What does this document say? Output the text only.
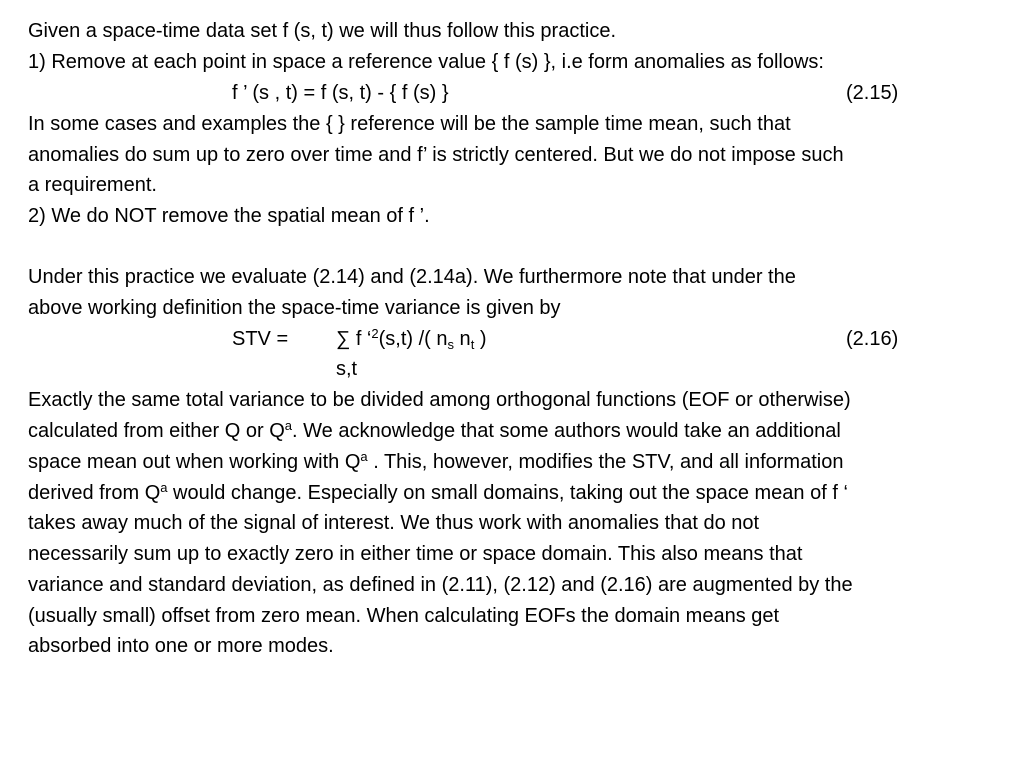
Given a space-time data set f (s, t) we will thus follow this practice.
1) Remove at each point in space a reference value { f (s) }, i.e form anomalies as follows:
f ’ (s , t) = f (s, t) - { f (s) }	(2.15)
In some cases and examples the { } reference will be the sample time mean, such that
anomalies do sum up to zero over time and f’ is strictly centered. But we do not impose such
a requirement.
2) We do NOT remove the spatial mean of f ’.
Under this practice we evaluate (2.14) and (2.14a). We furthermore note that under the
above working definition the space-time variance is given by
STV = ∑ f ‘$^2$(s,t) /( $n_s$ $n_t$ )	(2.16)
s,t
Exactly the same total variance to be divided among orthogonal functions (EOF or otherwise)
calculated from either Q or $Q^a$. We acknowledge that some authors would take an additional
space mean out when working with $Q^a$ . This, however, modifies the STV, and all information
derived from $Q^a$ would change. Especially on small domains, taking out the space mean of f ‘
takes away much of the signal of interest. We thus work with anomalies that do not
necessarily sum up to exactly zero in either time or space domain. This also means that
variance and standard deviation, as defined in (2.11), (2.12) and (2.16) are augmented by the
(usually small) offset from zero mean. When calculating EOFs the domain means get
absorbed into one or more modes.
